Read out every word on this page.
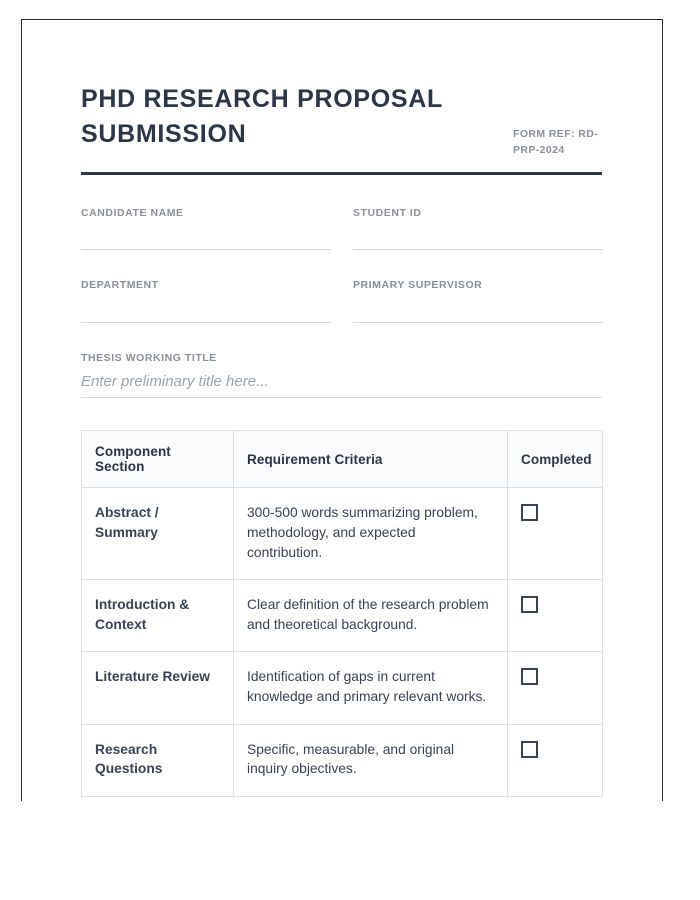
PHD RESEARCH PROPOSAL SUBMISSION	FORM REF: RD-PRP-2024
CANDIDATE NAME	STUDENT ID
DEPARTMENT	PRIMARY SUPERVISOR
THESIS WORKING TITLE
Enter preliminary title here...
Component Section	Requirement Criteria	Completed
Abstract / Summary	300-500 words summarizing problem, methodology, and expected contribution.	
Introduction & Context	Clear definition of the research problem and theoretical background.	
Literature Review	Identification of gaps in current knowledge and primary relevant works.	
Research Questions	Specific, measurable, and original inquiry objectives.	
